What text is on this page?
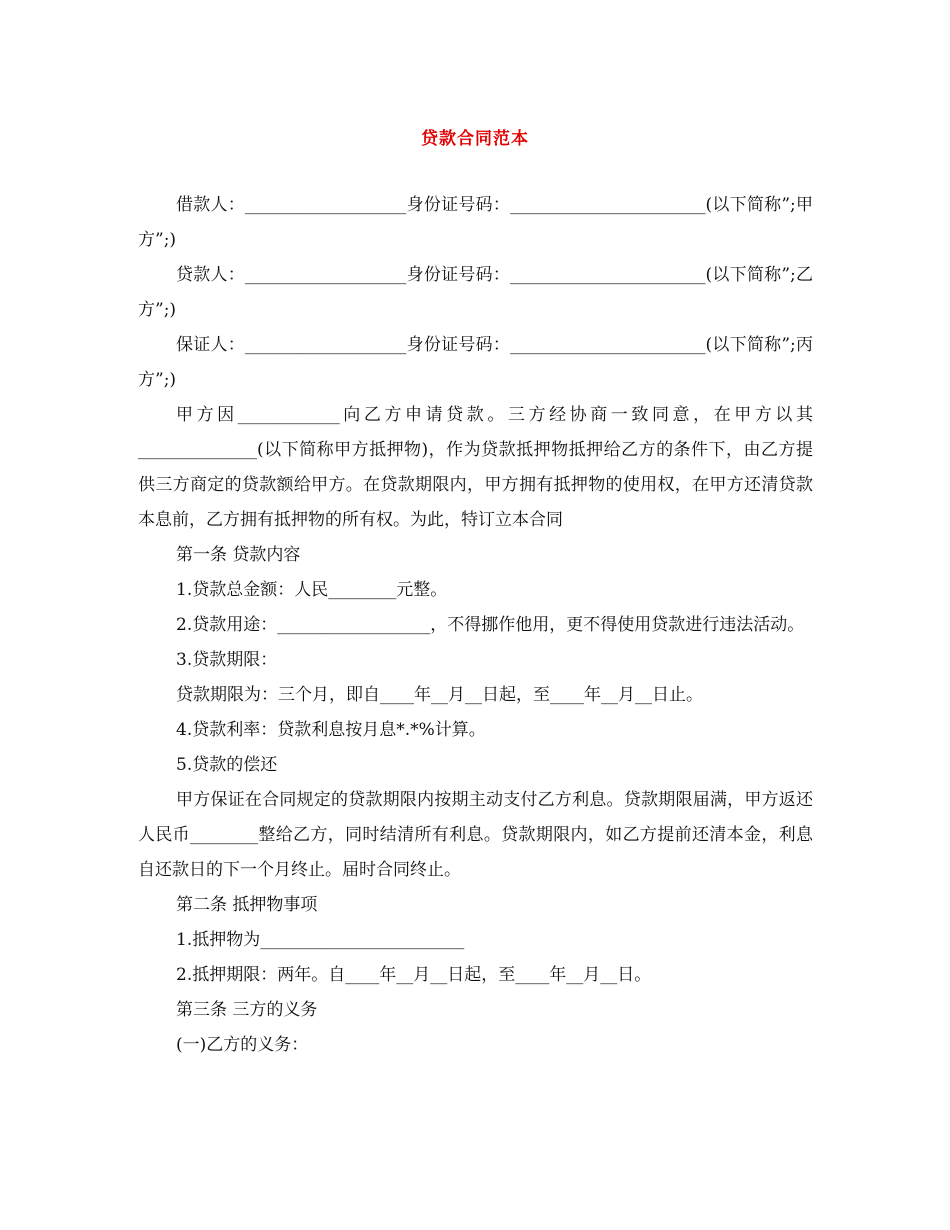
贷款合同范本

借款人：___________________身份证号码：_______________________(以下简称”;甲方”;)

贷款人：___________________身份证号码：_______________________(以下简称”;乙方”;)

保证人：___________________身份证号码：_______________________(以下简称”;丙方”;)

甲方因____________向乙方申请贷款。三方经协商一致同意，在甲方以其______________(以下简称甲方抵押物)，作为贷款抵押物抵押给乙方的条件下，由乙方提供三方商定的贷款额给甲方。在贷款期限内，甲方拥有抵押物的使用权，在甲方还清贷款本息前，乙方拥有抵押物的所有权。为此，特订立本合同

第一条 贷款内容

1.贷款总金额：人民________元整。

2.贷款用途：__________________，不得挪作他用，更不得使用贷款进行违法活动。

3.贷款期限：

贷款期限为：三个月，即自____年__月__日起，至____年__月__日止。

4.贷款利率：贷款利息按月息*.*%计算。

5.贷款的偿还

甲方保证在合同规定的贷款期限内按期主动支付乙方利息。贷款期限届满，甲方返还人民币________整给乙方，同时结清所有利息。贷款期限内，如乙方提前还清本金，利息自还款日的下一个月终止。届时合同终止。

第二条 抵押物事项

1.抵押物为________________________

2.抵押期限：两年。自____年__月__日起，至____年__月__日。

第三条 三方的义务

(一)乙方的义务：
